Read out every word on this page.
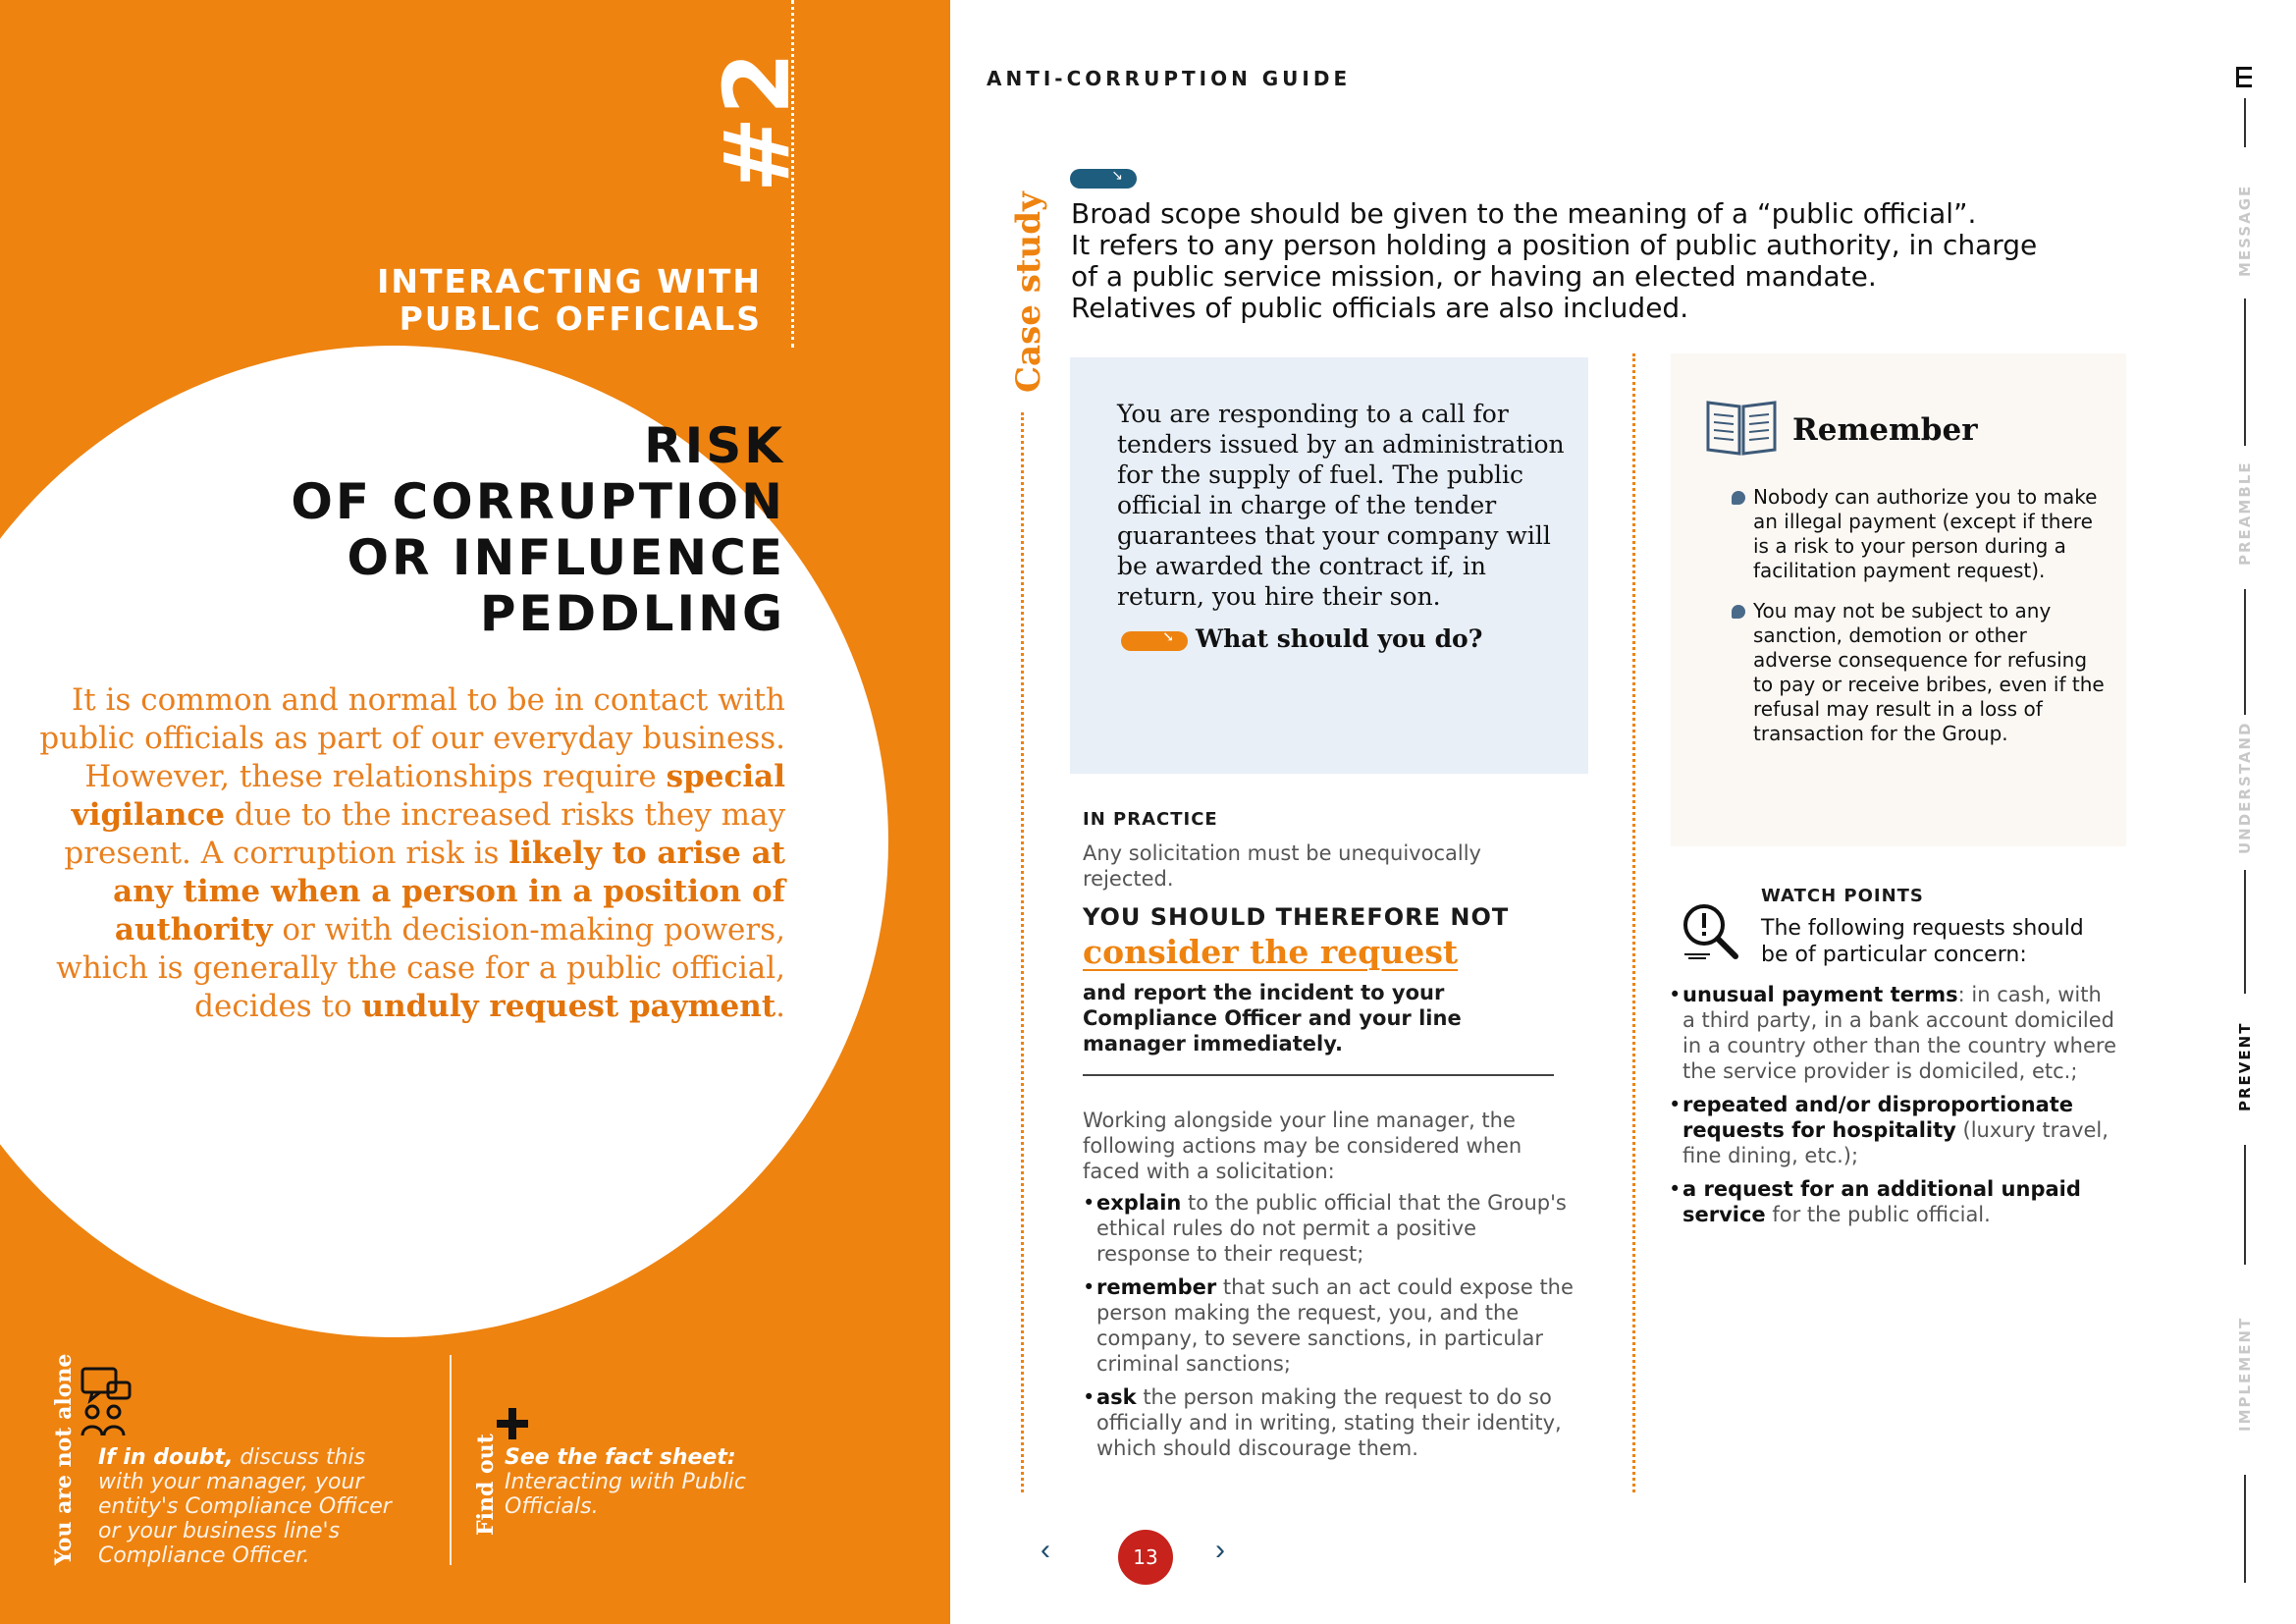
#2
INTERACTING WITH
PUBLIC OFFICIALS
RISK
OF CORRUPTION
OR INFLUENCE
PEDDLING

It is common and normal to be in contact with public officials as part of our everyday business. However, these relationships require special vigilance due to the increased risks they may present. A corruption risk is likely to arise at any time when a person in a position of authority or with decision-making powers, which is generally the case for a public official, decides to unduly request payment.

You are not alone If in doubt, discuss this with your manager, your entity's Compliance Officer or your business line's Compliance Officer.
Find out See the fact sheet:
Interacting with Public Officials.
ANTI-CORRUPTION GUIDE
Case study
↘
Broad scope should be given to the meaning of a “public official”.
It refers to any person holding a position of public authority, in charge
of a public service mission, or having an elected mandate.
Relatives of public officials are also included.

You are responding to a call for tenders issued by an administration for the supply of fuel. The public official in charge of the tender guarantees that your company will be awarded the contract if, in return, you hire their son.

↘ What should you do?
IN PRACTICE

Any solicitation must be unequivocally rejected.

YOU SHOULD THEREFORE NOT
consider the request

and report the incident to your Compliance Officer and your line manager immediately.

Working alongside your line manager, the following actions may be considered when faced with a solicitation:

• explain to the public official that the Group's ethical rules do not permit a positive response to their request;
• remember that such an act could expose the person making the request, you, and the company, to severe sanctions, in particular criminal sanctions;
• ask the person making the request to do so officially and in writing, stating their identity, which should discourage them.
Remember
Nobody can authorize you to make an illegal payment (except if there is a risk to your person during a facilitation payment request).
You may not be subject to any sanction, demotion or other adverse consequence for refusing to pay or receive bribes, even if the refusal may result in a loss of transaction for the Group.
WATCH POINTS

The following requests should be of particular concern:

• unusual payment terms: in cash, with a third party, in a bank account domiciled in a country other than the country where the service provider is domiciled, etc.;
• repeated and/or disproportionate requests for hospitality (luxury travel, fine dining, etc.);
• a request for an additional unpaid service for the public official.
‹	13	›
MESSAGE
PREAMBLE
UNDERSTAND
PREVENT
IMPLEMENT
